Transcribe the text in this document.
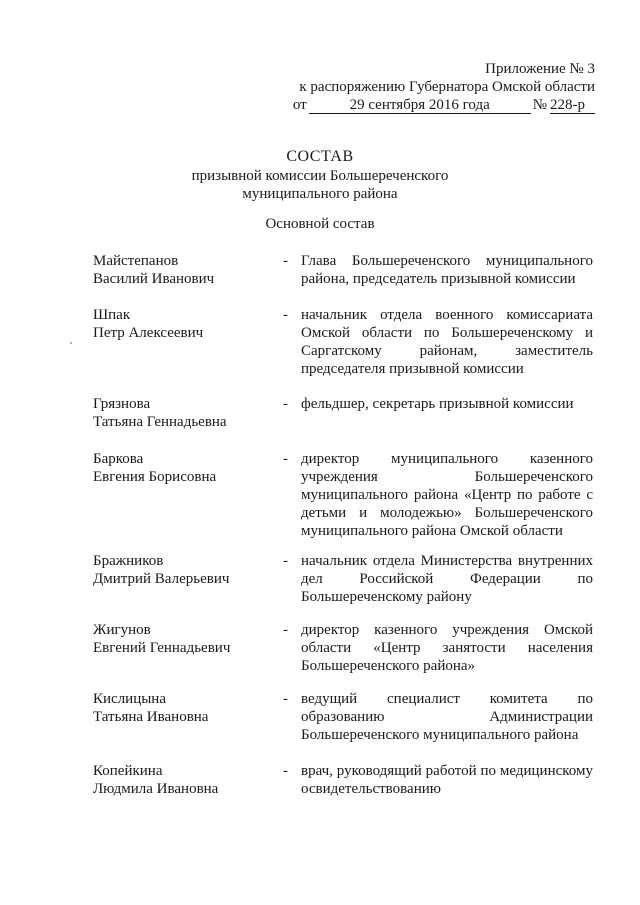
Приложение № 3
к распоряжению Губернатора Омской области
от	29 сентября 2016 года	№ 228-р
СОСТАВ
призывной комиссии Большереченского
муниципального района
Основной состав
Майстепанов
Василий Иванович
- Глава Большереченского муниципального района, председатель призывной комиссии
Шпак
Петр Алексеевич
- начальник отдела военного комиссариата Омской области по Большереченскому и Саргатскому районам, заместитель председателя призывной комиссии
Грязнова
Татьяна Геннадьевна
- фельдшер, секретарь призывной комиссии
Баркова
Евгения Борисовна
- директор муниципального казенного учреждения Большереченского муниципального района «Центр по работе с детьми и молодежью» Большереченского муниципального района Омской области
Бражников
Дмитрий Валерьевич
- начальник отдела Министерства внутренних дел Российской Федерации по Большереченскому району
Жигунов
Евгений Геннадьевич
- директор казенного учреждения Омской области «Центр занятости населения Большереченского района»
Кислицына
Татьяна Ивановна
- ведущий специалист комитета по образованию Администрации Большереченского муниципального района
Копейкина
Людмила Ивановна
- врач, руководящий работой по медицинскому освидетельствованию
